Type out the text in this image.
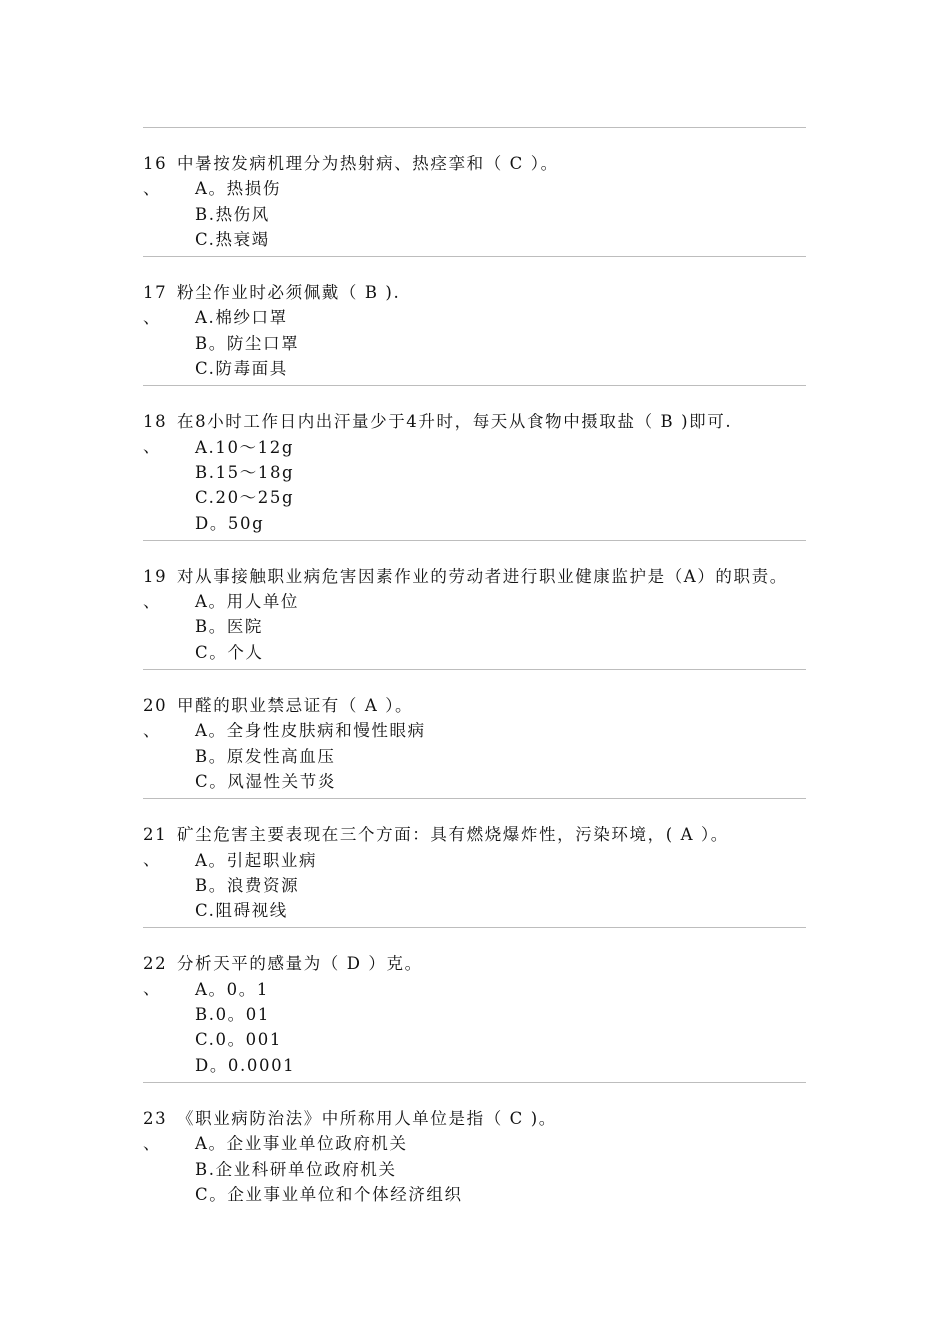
16
、
中暑按发病机理分为热射病、热痉挛和（ C ）。
A。热损伤
B.热伤风
C.热衰竭
17
、
粉尘作业时必须佩戴（ B ).
A.棉纱口罩
B。防尘口罩
C.防毒面具
18
、
在8小时工作日内出汗量少于4升时，每天从食物中摄取盐（ B )即可.
A.10～12g
B.15～18g
C.20～25g
D。50g
19
、
对从事接触职业病危害因素作业的劳动者进行职业健康监护是（A）的职责。
A。用人单位
B。医院
C。个人
20
、
甲醛的职业禁忌证有（ A ）。
A。全身性皮肤病和慢性眼病
B。原发性高血压
C。风湿性关节炎
21
、
矿尘危害主要表现在三个方面：具有燃烧爆炸性，污染环境，( A ）。
A。引起职业病
B。浪费资源
C.阻碍视线
22
、
分析天平的感量为（ D ）克。
A。0。1
B.0。01
C.0。001
D。0.0001
23
、
《职业病防治法》中所称用人单位是指（ C )。
A。企业事业单位政府机关
B.企业科研单位政府机关
C。企业事业单位和个体经济组织
